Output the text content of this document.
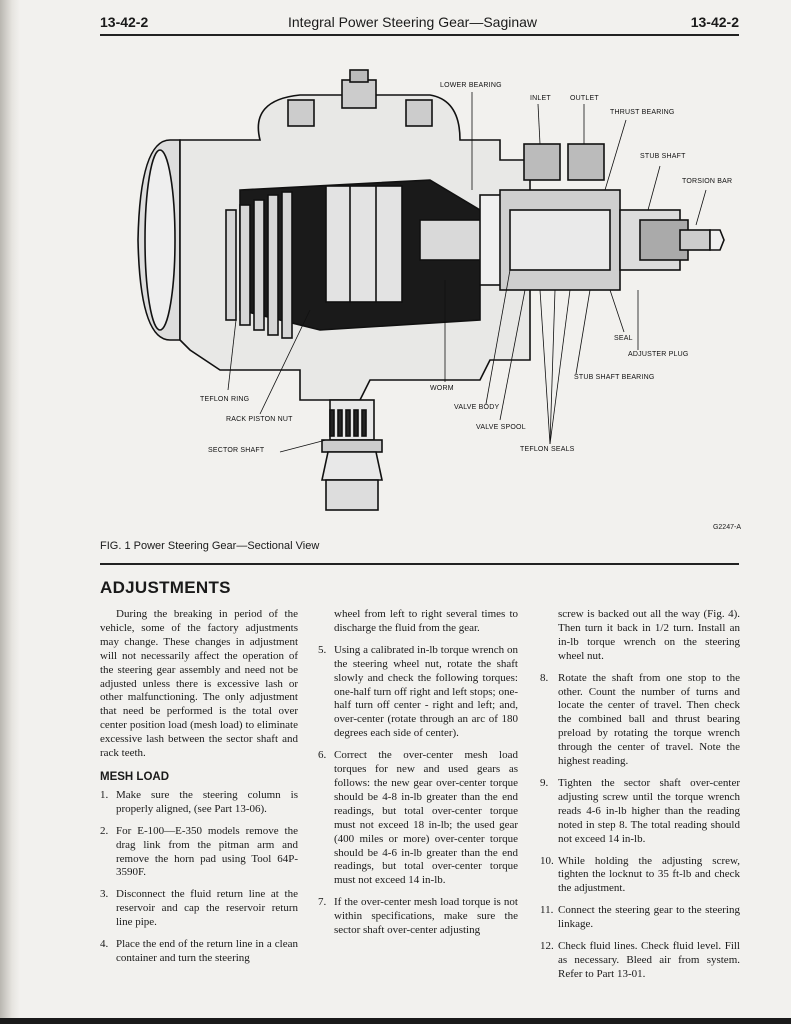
13-42-2	Integral Power Steering Gear—Saginaw	13-42-2
LOWER BEARING
INLET	OUTLET
THRUST BEARING
STUB SHAFT
TORSION BAR
SEAL
ADJUSTER PLUG
STUB SHAFT BEARING
WORM
VALVE BODY
VALVE SPOOL
TEFLON SEALS
TEFLON RING
RACK PISTON NUT
SECTOR SHAFT
G2247-A
FIG. 1 Power Steering Gear—Sectional View
ADJUSTMENTS

During the breaking in period of the vehicle, some of the factory adjustments may change. These changes in adjustment will not necessarily affect the operation of the steering gear assembly and need not be adjusted unless there is excessive lash or other malfunctioning. The only adjustment that need be performed is the total over center position load (mesh load) to eliminate excessive lash between the sector shaft and rack teeth.

MESH LOAD
1. Make sure the steering column is properly aligned, (see Part 13-06).
2. For E-100—E-350 models remove the drag link from the pitman arm and remove the horn pad using Tool 64P-3590F.
3. Disconnect the fluid return line at the reservoir and cap the reservoir return line pipe.
4. Place the end of the return line in a clean container and turn the steering
wheel from left to right several times to discharge the fluid from the gear.
5. Using a calibrated in-lb torque wrench on the steering wheel nut, rotate the shaft slowly and check the following torques: one-half turn off right and left stops; one-half turn off center - right and left; and, over-center (rotate through an arc of 180 degrees each side of center).
6. Correct the over-center mesh load torques for new and used gears as follows: the new gear over-center torque should be 4-8 in-lb greater than the end readings, but total over-center torque must not exceed 18 in-lb; the used gear (400 miles or more) over-center torque should be 4-6 in-lb greater than the end readings, but total over-center torque must not exceed 14 in-lb.
7. If the over-center mesh load torque is not within specifications, make sure the sector shaft over-center adjusting
screw is backed out all the way (Fig. 4). Then turn it back in 1/2 turn. Install an in-lb torque wrench on the steering wheel nut.
8. Rotate the shaft from one stop to the other. Count the number of turns and locate the center of travel. Then check the combined ball and thrust bearing preload by rotating the torque wrench through the center of travel. Note the highest reading.
9. Tighten the sector shaft over-center adjusting screw until the torque wrench reads 4-6 in-lb higher than the reading noted in step 8. The total reading should not exceed 14 in-lb.
10. While holding the adjusting screw, tighten the locknut to 35 ft-lb and check the adjustment.
11. Connect the steering gear to the steering linkage.
12. Check fluid lines. Check fluid level. Fill as necessary. Bleed air from system. Refer to Part 13-01.
